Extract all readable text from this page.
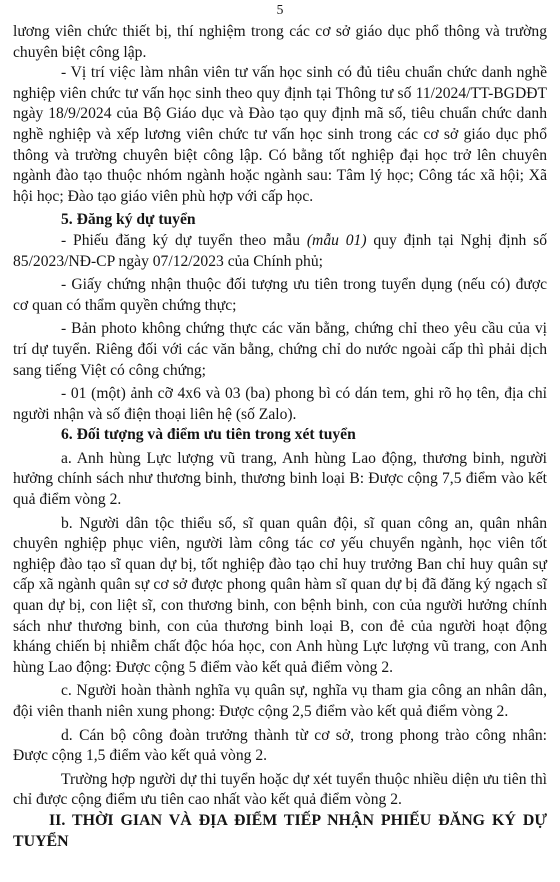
5

lương viên chức thiết bị, thí nghiệm trong các cơ sở giáo dục phổ thông và trường chuyên biệt công lập.

- Vị trí việc làm nhân viên tư vấn học sinh có đủ tiêu chuẩn chức danh nghề nghiệp viên chức tư vấn học sinh theo quy định tại Thông tư số 11/2024/TT-BGDĐT ngày 18/9/2024 của Bộ Giáo dục và Đào tạo quy định mã số, tiêu chuẩn chức danh nghề nghiệp và xếp lương viên chức tư vấn học sinh trong các cơ sở giáo dục phổ thông và trường chuyên biệt công lập. Có bằng tốt nghiệp đại học trở lên chuyên ngành đào tạo thuộc nhóm ngành hoặc ngành sau: Tâm lý học; Công tác xã hội; Xã hội học; Đào tạo giáo viên phù hợp với cấp học.

5. Đăng ký dự tuyển

- Phiếu đăng ký dự tuyển theo mẫu (mẫu 01) quy định tại Nghị định số 85/2023/NĐ-CP ngày 07/12/2023 của Chính phủ;

- Giấy chứng nhận thuộc đối tượng ưu tiên trong tuyển dụng (nếu có) được cơ quan có thẩm quyền chứng thực;

- Bản photo không chứng thực các văn bằng, chứng chỉ theo yêu cầu của vị trí dự tuyển. Riêng đối với các văn bằng, chứng chỉ do nước ngoài cấp thì phải dịch sang tiếng Việt có công chứng;

- 01 (một) ảnh cỡ 4x6 và 03 (ba) phong bì có dán tem, ghi rõ họ tên, địa chỉ người nhận và số điện thoại liên hệ (số Zalo).

6. Đối tượng và điểm ưu tiên trong xét tuyển

a. Anh hùng Lực lượng vũ trang, Anh hùng Lao động, thương binh, người hưởng chính sách như thương binh, thương binh loại B: Được cộng 7,5 điểm vào kết quả điểm vòng 2.

b. Người dân tộc thiểu số, sĩ quan quân đội, sĩ quan công an, quân nhân chuyên nghiệp phục viên, người làm công tác cơ yếu chuyển ngành, học viên tốt nghiệp đào tạo sĩ quan dự bị, tốt nghiệp đào tạo chỉ huy trưởng Ban chỉ huy quân sự cấp xã ngành quân sự cơ sở được phong quân hàm sĩ quan dự bị đã đăng ký ngạch sĩ quan dự bị, con liệt sĩ, con thương binh, con bệnh binh, con của người hưởng chính sách như thương binh, con của thương binh loại B, con đẻ của người hoạt động kháng chiến bị nhiễm chất độc hóa học, con Anh hùng Lực lượng vũ trang, con Anh hùng Lao động: Được cộng 5 điểm vào kết quả điểm vòng 2.

c. Người hoàn thành nghĩa vụ quân sự, nghĩa vụ tham gia công an nhân dân, đội viên thanh niên xung phong: Được cộng 2,5 điểm vào kết quả điểm vòng 2.

d. Cán bộ công đoàn trưởng thành từ cơ sở, trong phong trào công nhân: Được cộng 1,5 điểm vào kết quả vòng 2.

Trường hợp người dự thi tuyển hoặc dự xét tuyển thuộc nhiều diện ưu tiên thì chỉ được cộng điểm ưu tiên cao nhất vào kết quả điểm vòng 2.

II. THỜI GIAN VÀ ĐỊA ĐIỂM TIẾP NHẬN PHIẾU ĐĂNG KÝ DỰ TUYỂN
